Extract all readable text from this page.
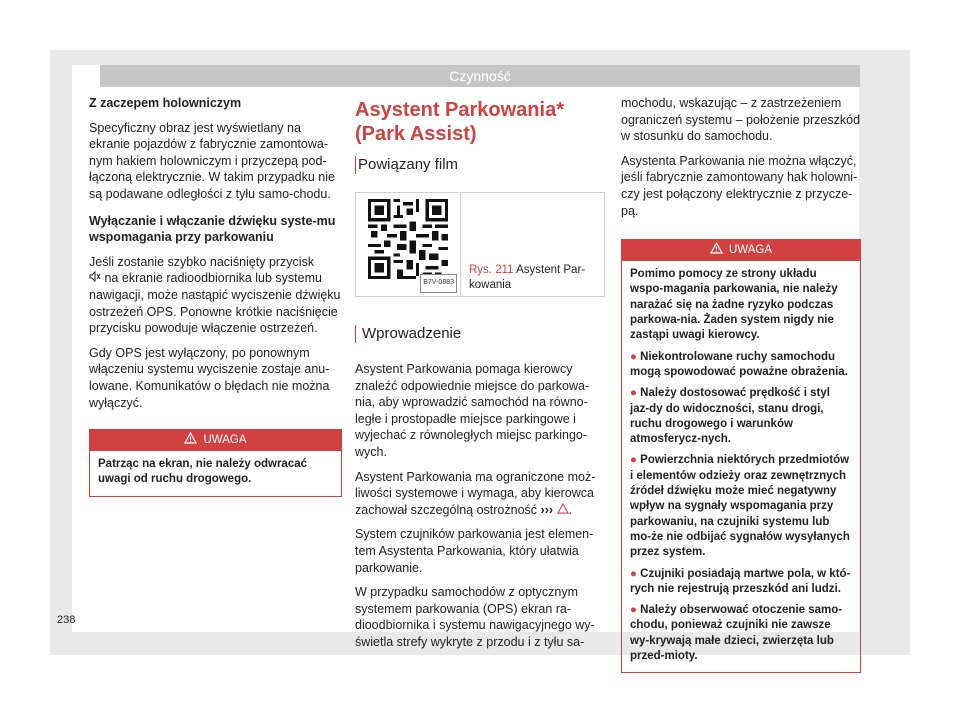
Czynność

Z zaczepem holowniczym

Specyficzny obraz jest wyświetlany na ekranie pojazdów z fabrycznie zamontowa-nym hakiem holowniczym i przyczepą pod-łączoną elektrycznie. W takim przypadku nie są podawane odległości z tyłu samo-chodu.

Wyłączanie i włączanie dźwięku syste-mu wspomagania przy parkowaniu

Jeśli zostanie szybko naciśnięty przycisk
na ekranie radioodbiornika lub systemu nawigacji, może nastąpić wyciszenie dźwięku ostrzeżeń OPS. Ponowne krótkie naciśnięcie przycisku powoduje włączenie ostrzeżeń.

Gdy OPS jest wyłączony, po ponownym włączeniu systemu wyciszenie zostaje anu-lowane. Komunikatów o błędach nie można wyłączyć.

UWAGA

Patrząc na ekran, nie należy odwracać uwagi od ruchu drogowego.

Asystent Parkowania* (Park Assist)
Powiązany film
B7V-0883
Rys. 211 Asystent Par-kowania
Wprowadzenie

Asystent Parkowania pomaga kierowcy znaleźć odpowiednie miejsce do parkowa-nia, aby wprowadzić samochód na równo-ległe i prostopadłe miejsce parkingowe i wyjechać z równoległych miejsc parkingo-wych.

Asystent Parkowania ma ograniczone moż-liwości systemowe i wymaga, aby kierowca zachował szczególną ostrożność ››› .

System czujników parkowania jest elemen-tem Asystenta Parkowania, który ułatwia parkowanie.

W przypadku samochodów z optycznym systemem parkowania (OPS) ekran ra-dioodbiornika i systemu nawigacyjnego wy-świetla strefy wykryte z przodu i z tyłu sa-

mochodu, wskazując – z zastrzeżeniem ograniczeń systemu – położenie przeszkód w stosunku do samochodu.

Asystenta Parkowania nie można włączyć, jeśli fabrycznie zamontowany hak holowni-czy jest połączony elektrycznie z przycze-pą.

UWAGA

Pomimo pomocy ze strony układu wspo-magania parkowania, nie należy narażać się na żadne ryzyko podczas parkowa-nia. Żaden system nigdy nie zastąpi uwagi kierowcy.

● Niekontrolowane ruchy samochodu mogą spowodować poważne obrażenia.

● Należy dostosować prędkość i styl jaz-dy do widoczności, stanu drogi, ruchu drogowego i warunków atmosferycz-nych.

● Powierzchnia niektórych przedmiotów i elementów odzieży oraz zewnętrznych źródeł dźwięku może mieć negatywny wpływ na sygnały wspomagania przy parkowaniu, na czujniki systemu lub mo-że nie odbijać sygnałów wysyłanych przez system.

● Czujniki posiadają martwe pola, w któ-rych nie rejestrują przeszkód ani ludzi.

● Należy obserwować otoczenie samo-chodu, ponieważ czujniki nie zawsze wy-krywają małe dzieci, zwierzęta lub przed-mioty.

238
